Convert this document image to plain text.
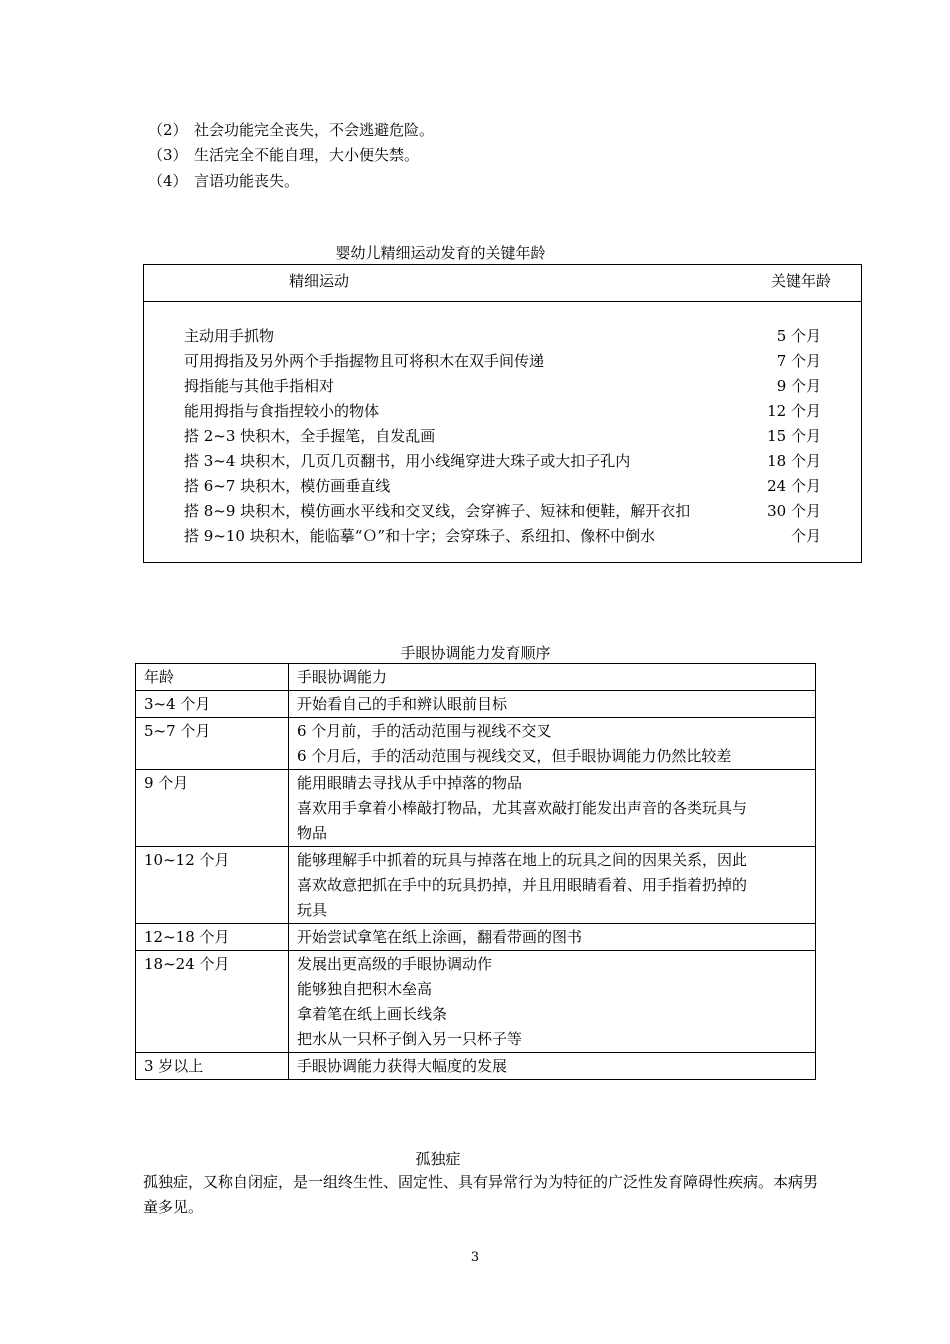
（2） 社会功能完全丧失，不会逃避危险。
（3） 生活完全不能自理，大小便失禁。
（4） 言语功能丧失。
婴幼儿精细运动发育的关键年龄
精细运动	关键年龄
主动用手抓物	5 个月
可用拇指及另外两个手指握物且可将积木在双手间传递	7 个月
拇指能与其他手指相对	9 个月
能用拇指与食指捏较小的物体	12 个月
搭 2~3 快积木，全手握笔，自发乱画	15 个月
搭 3~4 块积木，几页几页翻书，用小线绳穿进大珠子或大扣子孔内	18 个月
搭 6~7 块积木，模仿画垂直线	24 个月
搭 8~9 块积木，模仿画水平线和交叉线，会穿裤子、短袜和便鞋，解开衣扣	30 个月
搭 9~10 块积木，能临摹“Ｏ”和十字；会穿珠子、系纽扣、像杯中倒水	个月
手眼协调能力发育顺序
年龄	手眼协调能力
3~4 个月	开始看自己的手和辨认眼前目标

5~7 个月	6 个月前，手的活动范围与视线不交叉
6 个月后，手的活动范围与视线交叉，但手眼协调能力仍然比较差

9 个月	能用眼睛去寻找从手中掉落的物品
喜欢用手拿着小棒敲打物品，尤其喜欢敲打能发出声音的各类玩具与
物品

10~12 个月	能够理解手中抓着的玩具与掉落在地上的玩具之间的因果关系，因此
喜欢故意把抓在手中的玩具扔掉，并且用眼睛看着、用手指着扔掉的
玩具

12~18 个月	开始尝试拿笔在纸上涂画，翻看带画的图书

18~24 个月	发展出更高级的手眼协调动作
能够独自把积木垒高
拿着笔在纸上画长线条
把水从一只杯子倒入另一只杯子等

3 岁以上	手眼协调能力获得大幅度的发展
孤独症
孤独症，又称自闭症，是一组终生性、固定性、具有异常行为为特征的广泛性发育障碍性疾病。本病男童多见。
3
